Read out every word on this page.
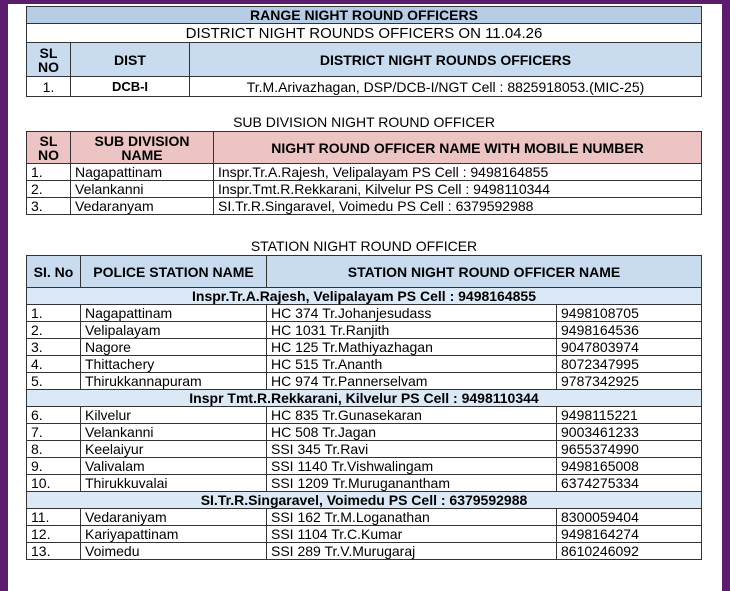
RANGE NIGHT ROUND OFFICERS		
DISTRICT NIGHT ROUNDS OFFICERS ON 11.04.26		
SL NO	DIST	DISTRICT NIGHT ROUNDS OFFICERS
1.	DCB-I	Tr.M.Arivazhagan, DSP/DCB-I/NGT Cell : 8825918053.(MIC-25)
SUB DIVISION NIGHT ROUND OFFICER		
SL NO	SUB DIVISION NAME	NIGHT ROUND OFFICER NAME WITH MOBILE NUMBER
1.	Nagapattinam	Inspr.Tr.A.Rajesh, Velipalayam PS Cell : 9498164855
2.	Velankanni	Inspr.Tmt.R.Rekkarani, Kilvelur PS Cell : 9498110344
3.	Vedaranyam	SI.Tr.R.Singaravel, Voimedu PS Cell : 6379592988
STATION NIGHT ROUND OFFICER			
SI. No	POLICE STATION NAME	STATION NIGHT ROUND OFFICER NAME	
Inspr.Tr.A.Rajesh, Velipalayam PS Cell : 9498164855			
1.	Nagapattinam	HC 374 Tr.Johanjesudass	9498108705
2.	Velipalayam	HC 1031 Tr.Ranjith	9498164536
3.	Nagore	HC 125 Tr.Mathiyazhagan	9047803974
4.	Thittachery	HC 515 Tr.Ananth	8072347995
5.	Thirukkannapuram	HC 974 Tr.Pannerselvam	9787342925
Inspr Tmt.R.Rekkarani, Kilvelur PS Cell : 9498110344			
6.	Kilvelur	HC 835 Tr.Gunasekaran	9498115221
7.	Velankanni	HC 508 Tr.Jagan	9003461233
8.	Keelaiyur	SSI 345 Tr.Ravi	9655374990
9.	Valivalam	SSI 1140 Tr.Vishwalingam	9498165008
10.	Thirukkuvalai	SSI 1209 Tr.Muruganantham	6374275334
SI.Tr.R.Singaravel, Voimedu PS Cell : 6379592988			
11.	Vedaraniyam	SSI 162 Tr.M.Loganathan	8300059404
12.	Kariyapattinam	SSI 1104 Tr.C.Kumar	9498164274
13.	Voimedu	SSI 289 Tr.V.Murugaraj	8610246092
